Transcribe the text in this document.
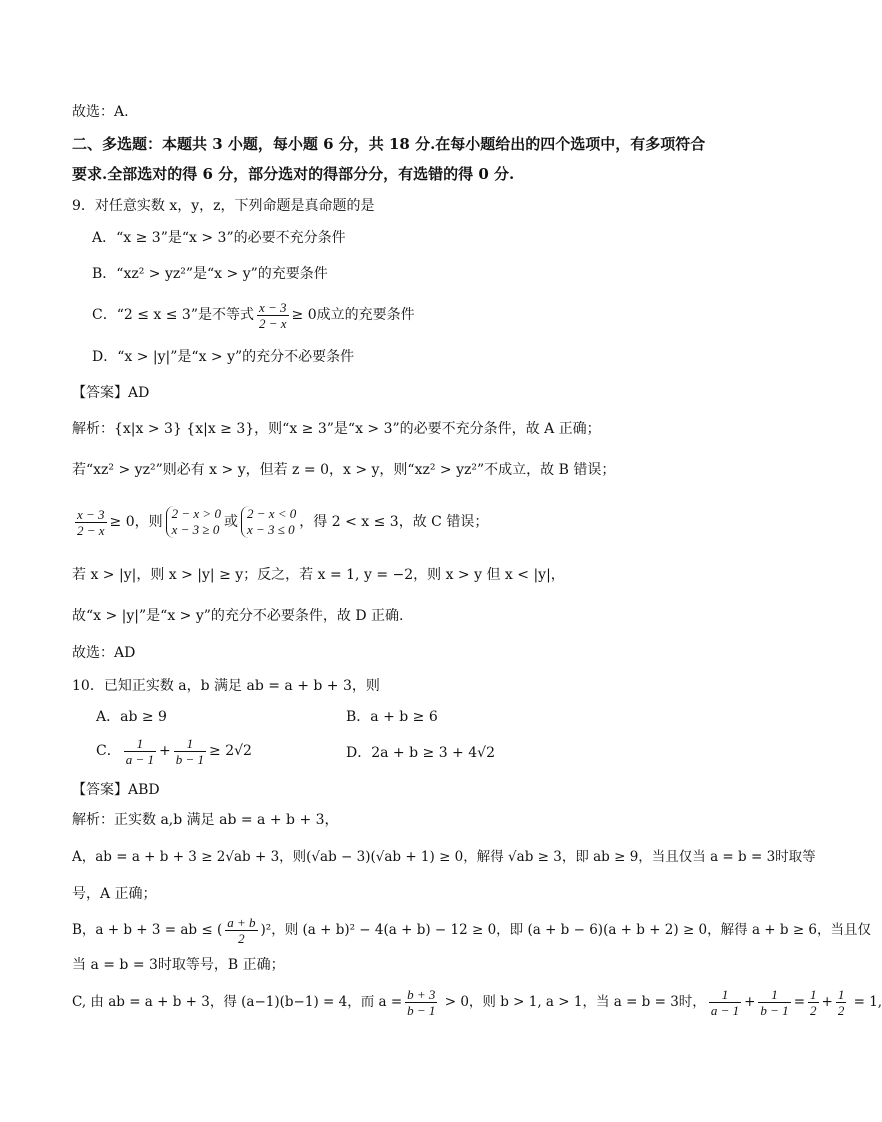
故选：A.
二、多选题：本题共 3 小题，每小题 6 分，共 18 分.在每小题给出的四个选项中，有多项符合
要求.全部选对的得 6 分，部分选对的得部分分，有选错的得 0 分.
9．对任意实数 x，y，z，下列命题是真命题的是
A．“x ≥ 3”是“x > 3”的必要不充分条件
B．“xz² > yz²”是“x > y”的充要条件
C．“2 ≤ x ≤ 3”是不等式 $\frac{x - 3}{2 - x} \ge 0$成立的充要条件
D．“x > |y|”是“x > y”的充分不必要条件
【答案】AD
解析：{x|x > 3} {x|x ≥ 3}，则“x ≥ 3”是“x > 3”的必要不充分条件，故 A 正确；
若“xz² > yz²”则必有 x > y，但若 z = 0，x > y，则“xz² > yz²”不成立，故 B 错误；
$\frac{x - 3}{2 - x} \ge 0$，则
2 − x > 0
x − 3 ≥ 0 或
2 − x < 0
x − 3 ≤ 0 ，得 2 < x ≤ 3，故 C 错误；
若 x > |y|，则 x > |y| ≥ y；反之，若 x = 1, y = −2，则 x > y 但 x < |y|，
故“x > |y|”是“x > y”的充分不必要条件，故 D 正确.
故选：AD
10．已知正实数 a，b 满足 ab = a + b + 3，则
A．ab ≥ 9	B．a + b ≥ 6
C． $\frac{1}{a - 1} + \frac{1}{b - 1} \ge 2√2$	D．2a + b ≥ 3 + 4√2
【答案】ABD
解析：正实数 a,b 满足 ab = a + b + 3，
A，ab = a + b + 3 ≥ 2√ab + 3，则(√ab − 3)(√ab + 1) ≥ 0，解得 √ab ≥ 3，即 ab ≥ 9，当且仅当 a = b = 3时取等
号，A 正确；
B，a + b + 3 = ab ≤ ( $\frac{a + b}{2} )^2$，则 (a + b)² − 4(a + b) − 12 ≥ 0，即 (a + b − 6)(a + b + 2) ≥ 0，解得 a + b ≥ 6，当且仅
当 a = b = 3时取等号，B 正确；
C, 由 ab = a + b + 3，得 (a−1)(b−1) = 4，而 $a = \frac{b + 3}{b - 1} > 0$，则 b > 1, a > 1，当 a = b = 3时， $\frac{1}{a - 1} + \frac{1}{b - 1} = \frac{1}{2} + \frac{1}{2} = 1$,
